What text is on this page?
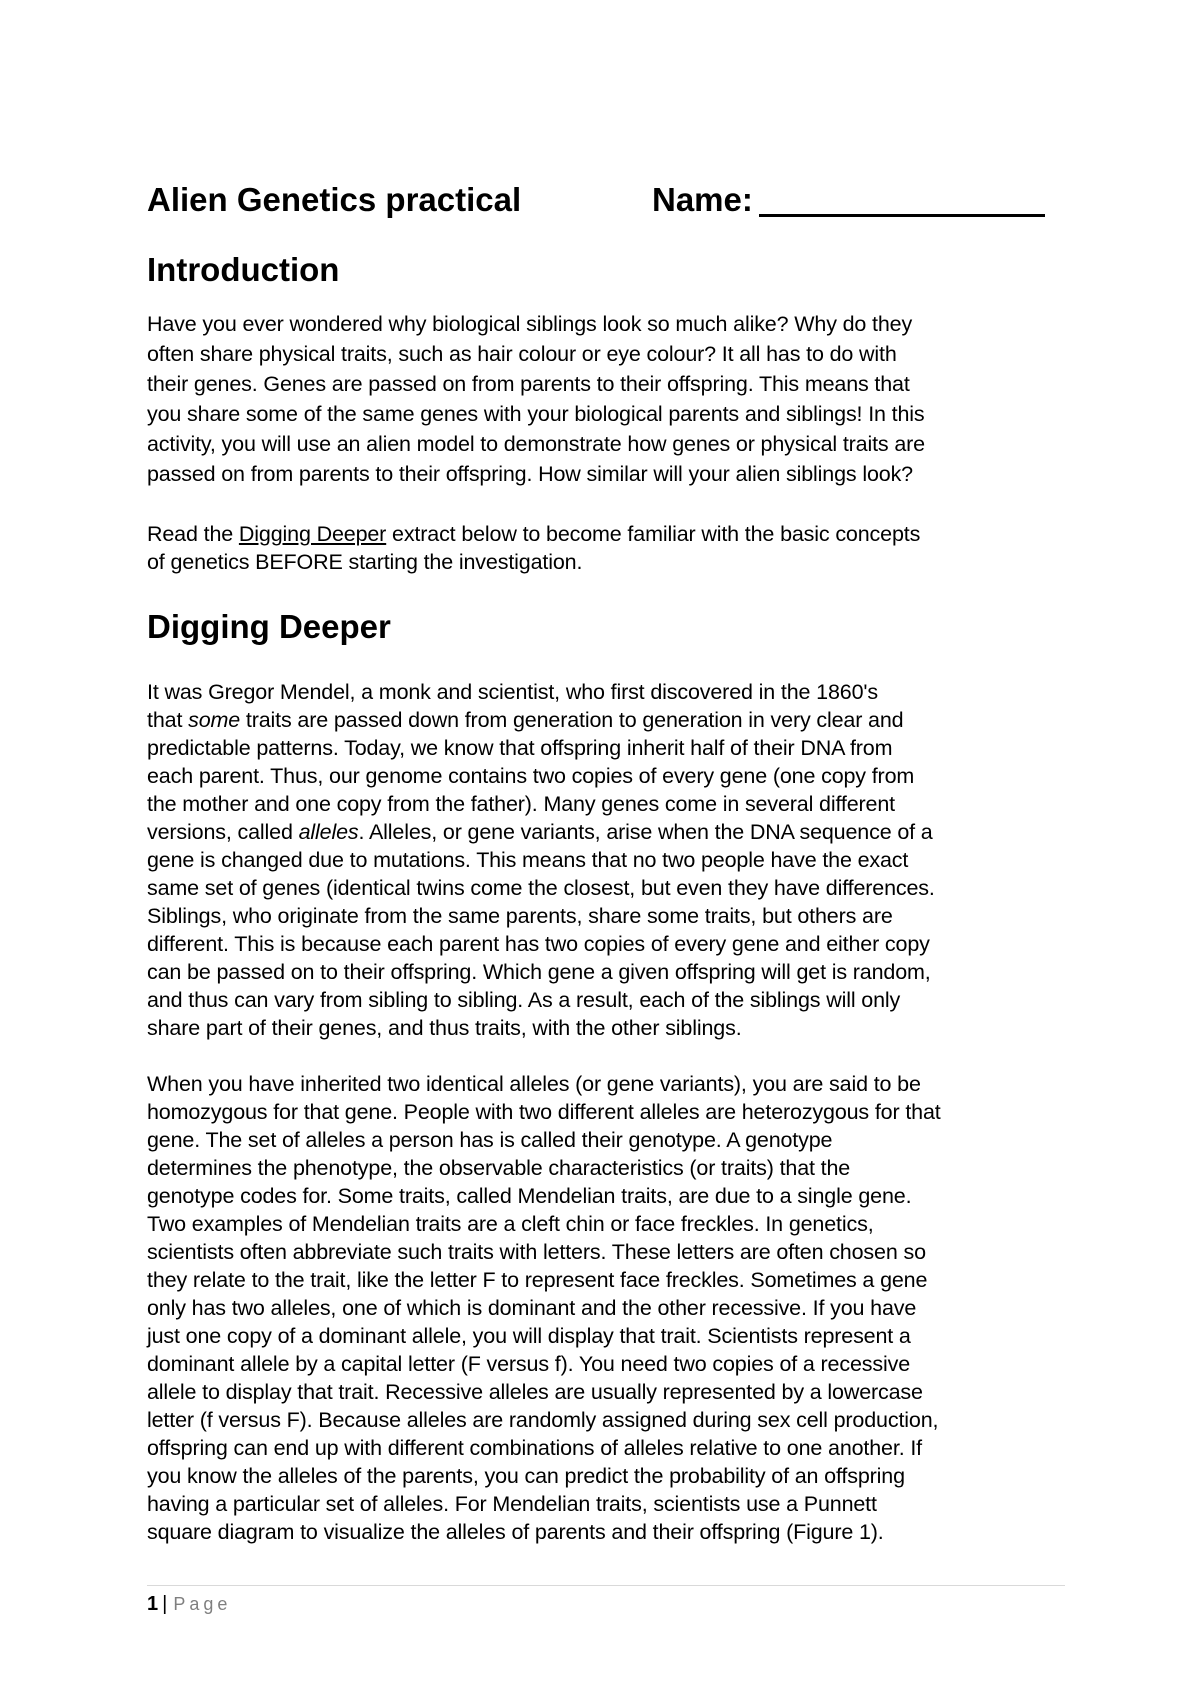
Alien Genetics practical	Name:
Introduction
Have you ever wondered why biological siblings look so much alike? Why do they
often share physical traits, such as hair colour or eye colour? It all has to do with
their genes. Genes are passed on from parents to their offspring. This means that
you share some of the same genes with your biological parents and siblings! In this
activity, you will use an alien model to demonstrate how genes or physical traits are
passed on from parents to their offspring. How similar will your alien siblings look?
Read the Digging Deeper extract below to become familiar with the basic concepts
of genetics BEFORE starting the investigation.
Digging Deeper
It was Gregor Mendel, a monk and scientist, who first discovered in the 1860's
that some traits are passed down from generation to generation in very clear and
predictable patterns. Today, we know that offspring inherit half of their DNA from
each parent. Thus, our genome contains two copies of every gene (one copy from
the mother and one copy from the father). Many genes come in several different
versions, called alleles. Alleles, or gene variants, arise when the DNA sequence of a
gene is changed due to mutations. This means that no two people have the exact
same set of genes (identical twins come the closest, but even they have differences.
Siblings, who originate from the same parents, share some traits, but others are
different. This is because each parent has two copies of every gene and either copy
can be passed on to their offspring. Which gene a given offspring will get is random,
and thus can vary from sibling to sibling. As a result, each of the siblings will only
share part of their genes, and thus traits, with the other siblings.
When you have inherited two identical alleles (or gene variants), you are said to be
homozygous for that gene. People with two different alleles are heterozygous for that
gene. The set of alleles a person has is called their genotype. A genotype
determines the phenotype, the observable characteristics (or traits) that the
genotype codes for. Some traits, called Mendelian traits, are due to a single gene.
Two examples of Mendelian traits are a cleft chin or face freckles. In genetics,
scientists often abbreviate such traits with letters. These letters are often chosen so
they relate to the trait, like the letter F to represent face freckles. Sometimes a gene
only has two alleles, one of which is dominant and the other recessive. If you have
just one copy of a dominant allele, you will display that trait. Scientists represent a
dominant allele by a capital letter (F versus f). You need two copies of a recessive
allele to display that trait. Recessive alleles are usually represented by a lowercase
letter (f versus F). Because alleles are randomly assigned during sex cell production,
offspring can end up with different combinations of alleles relative to one another. If
you know the alleles of the parents, you can predict the probability of an offspring
having a particular set of alleles. For Mendelian traits, scientists use a Punnett
square diagram to visualize the alleles of parents and their offspring (Figure 1).
1 | Page
